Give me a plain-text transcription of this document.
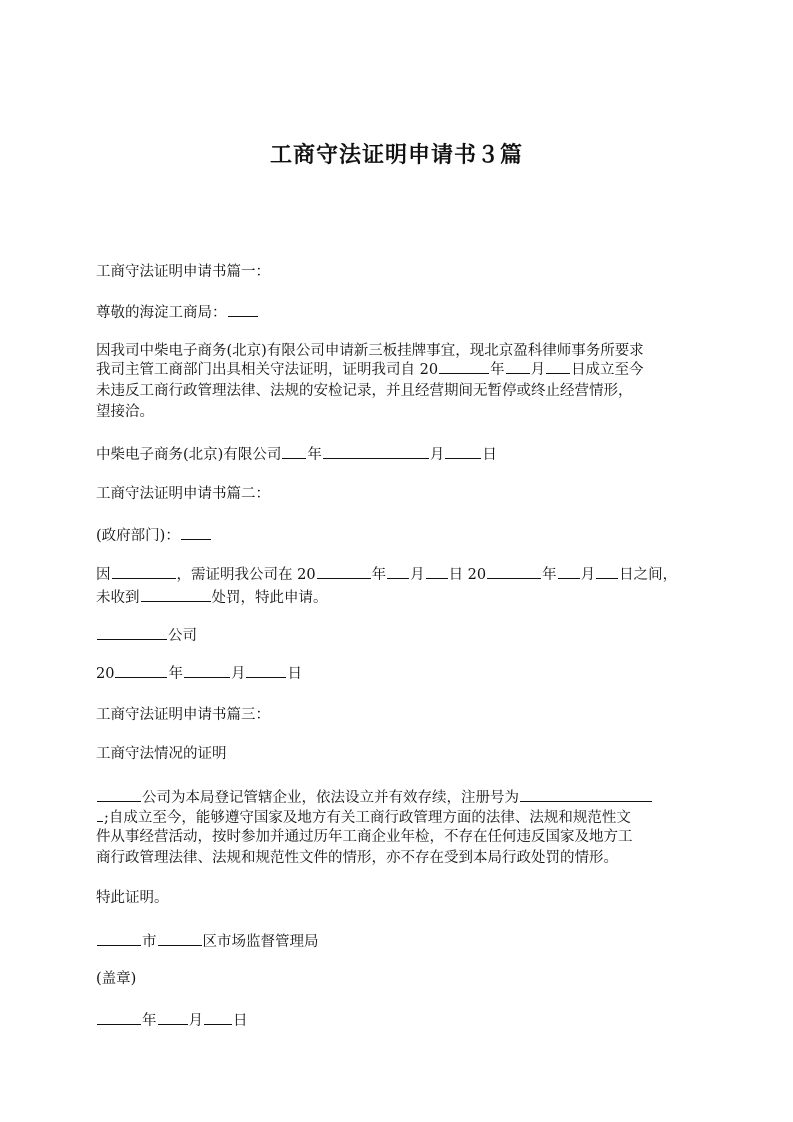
工商守法证明申请书３篇
工商守法证明申请书篇一：
尊敬的海淀工商局：
因我司中柴电子商务(北京)有限公司申请新三板挂牌事宜，现北京盈科律师事务所要求
我司主管工商部门出具相关守法证明，证明我司自 20	年 月 日成立至今
未违反工商行政管理法律、法规的安检记录，并且经营期间无暂停或终止经营情形，
望接洽。
中柴电子商务(北京)有限公司 年	月	日
工商守法证明申请书篇二：
(政府部门)：
因	，需证明我公司在 20	年 月 日 20	年 月 日之间，
未收到	处罚，特此申请。
公司
20	年	月	日
工商守法证明申请书篇三：
工商守法情况的证明
公司为本局登记管辖企业，依法设立并有效存续，注册号为
;自成立至今，能够遵守国家及地方有关工商行政管理方面的法律、法规和规范性文
件从事经营活动，按时参加并通过历年工商企业年检，不存在任何违反国家及地方工
商行政管理法律、法规和规范性文件的情形，亦不存在受到本局行政处罚的情形。
特此证明。
市	区市场监督管理局
(盖章)
年 月 日
